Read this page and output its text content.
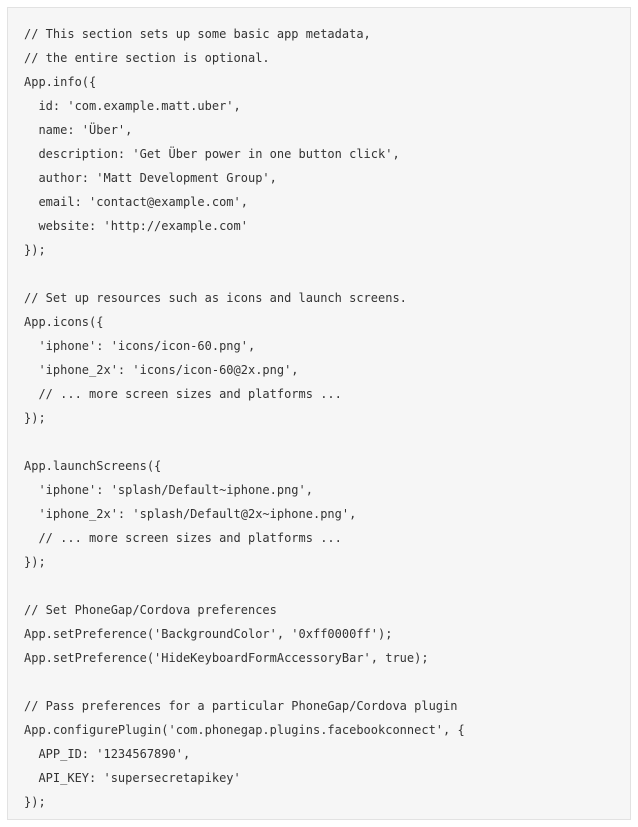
// This section sets up some basic app metadata,
// the entire section is optional.
App.info({
id: 'com.example.matt.uber',
name: 'Über',
description: 'Get Über power in one button click',
author: 'Matt Development Group',
email: 'contact@example.com',
website: 'http://example.com'
});
// Set up resources such as icons and launch screens.
App.icons({
'iphone': 'icons/icon-60.png',
'iphone_2x': 'icons/icon-60@2x.png',
// ... more screen sizes and platforms ...
});
App.launchScreens({
'iphone': 'splash/Default~iphone.png',
'iphone_2x': 'splash/Default@2x~iphone.png',
// ... more screen sizes and platforms ...
});
// Set PhoneGap/Cordova preferences
App.setPreference('BackgroundColor', '0xff0000ff');
App.setPreference('HideKeyboardFormAccessoryBar', true);
// Pass preferences for a particular PhoneGap/Cordova plugin
App.configurePlugin('com.phonegap.plugins.facebookconnect', {
APP_ID: '1234567890',
API_KEY: 'supersecretapikey'
});
